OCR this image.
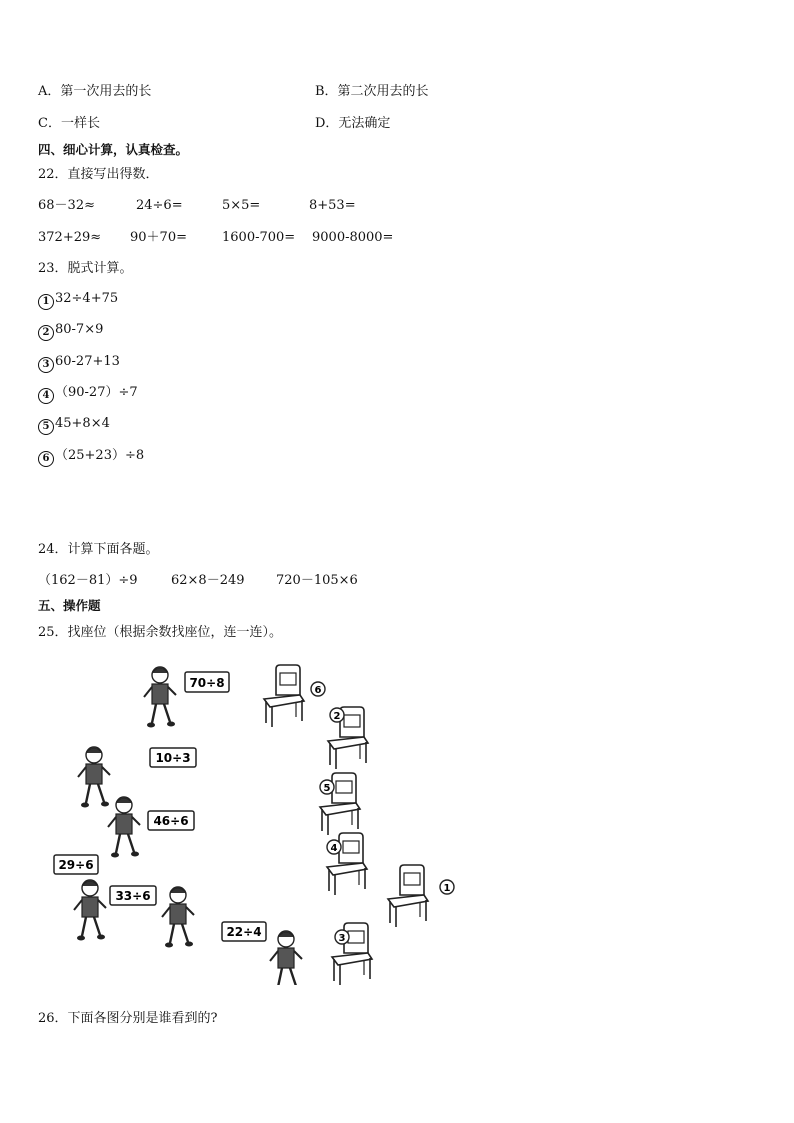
A．第一次用去的长	B．第二次用去的长
C．一样长	D．无法确定
四、细心计算，认真检查。
22．直接写出得数．
68－32≈	24÷6=	5×5=	8+53=
372+29≈ 90＋70=	1600-700= 9000-8000=
23．脱式计算。
1 32÷4+75
2 80-7×9
3 60-27+13
4 （90-27）÷7
5 45+8×4
6 （25+23）÷8
24．计算下面各题。
（162－81）÷9	62×8－249 720－105×6
五、操作题
25．找座位（根据余数找座位，连一连）。
70÷8
10÷3
46÷6
29÷6
33÷6
22÷4
6
2
5
4
1
3
26．下面各图分别是谁看到的?
